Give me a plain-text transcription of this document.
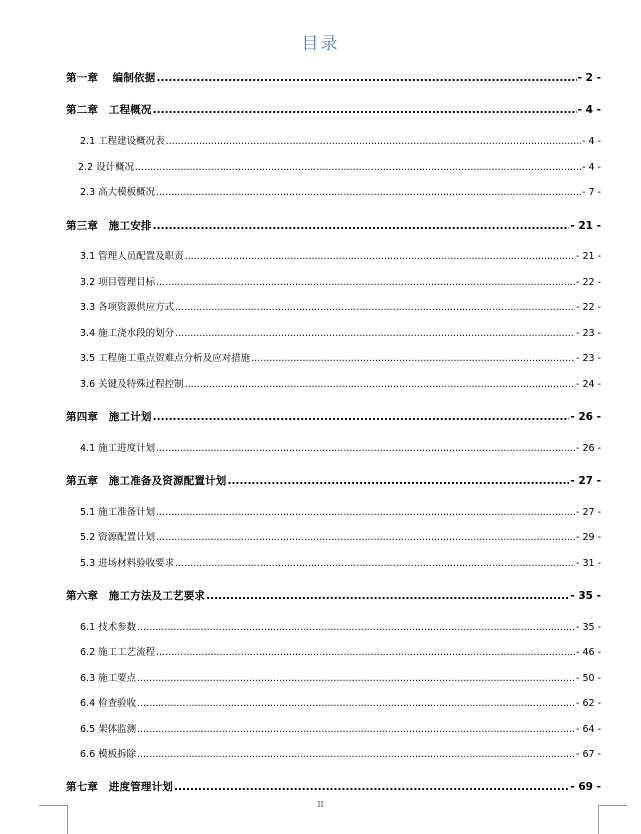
目录
第一章　 编制依据 .....	- 2 -
第二章　工程概况 .....	- 4 -
2.1 工程建设概况表 .....	- 4 -
2.2 设计概况 .....	- 4 -
2.3 高大模板概况 .....	- 7 -
第三章　施工安排 .....	- 21 -
3.1 管理人员配置及职责 .....	- 21 -
3.2 项目管理目标 .....	- 22 -
3.3 各项资源供应方式 .....	- 22 -
3.4 施工浇水段的划分 .....	- 23 -
3.5 工程施工重点贺难点分析及应对措施 .....	- 23 -
3.6 关键及特殊过程控制 .....	- 24 -
第四章　施工计划 .....	- 26 -
4.1 施工进度计划 .....	- 26 -
第五章　施工准备及资源配置计划 .....	- 27 -
5.1 施工准备计划 .....	- 27 -
5.2 资源配置计划 .....	- 29 -
5.3 进场材料验收要求 .....	- 31 -
第六章　施工方法及工艺要求 .....	- 35 -
6.1 技术参数 .....	- 35 -
6.2 施工工艺流程 .....	- 46 -
6.3 施工要点 .....	- 50 -
6.4 检查验收 .....	- 62 -
6.5 架体监测 .....	- 64 -
6.6 模板拆除 .....	- 67 -
第七章　进度管理计划 .....	- 69 -
II
